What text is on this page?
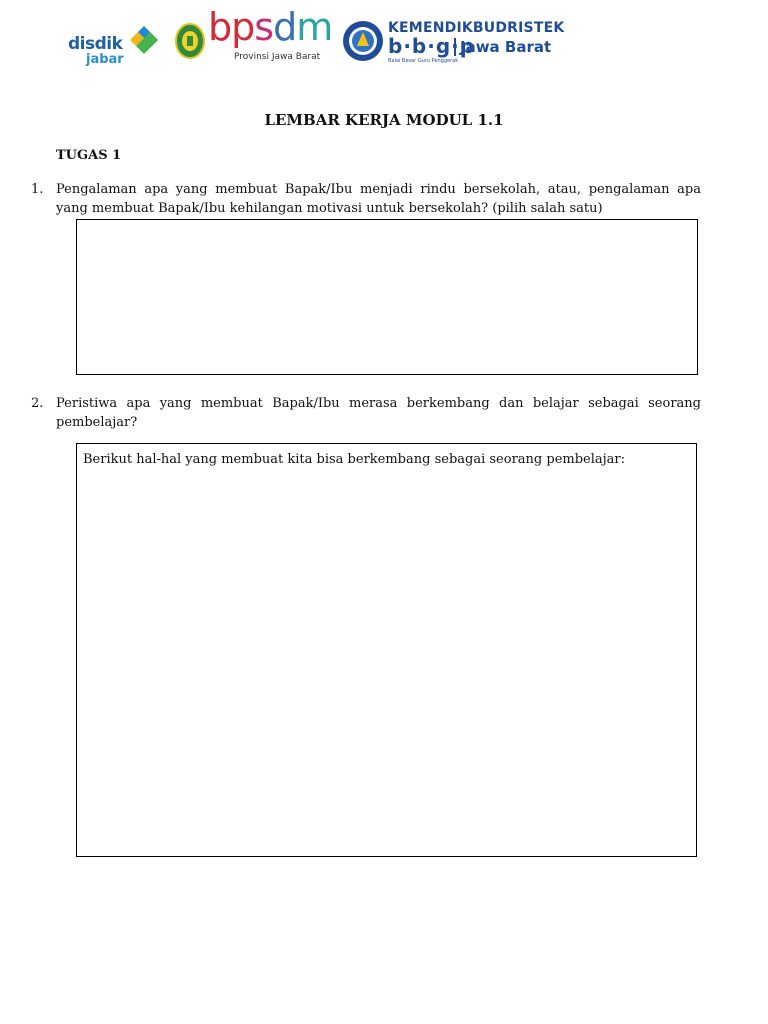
disdik
jabar
bpsdm
Provinsi Jawa Barat
KEMENDIKBUDRISTEK
b·b·g·p
Jawa Barat
Balai Besar Guru Penggerak
LEMBAR KERJA MODUL 1.1
TUGAS 1
1. Pengalaman apa yang membuat Bapak/Ibu menjadi rindu bersekolah, atau, pengalaman apa yang membuat Bapak/Ibu kehilangan motivasi untuk bersekolah? (pilih salah satu)
2. Peristiwa apa yang membuat Bapak/Ibu merasa berkembang dan belajar sebagai seorang pembelajar?
Berikut hal-hal yang membuat kita bisa berkembang sebagai seorang pembelajar:
